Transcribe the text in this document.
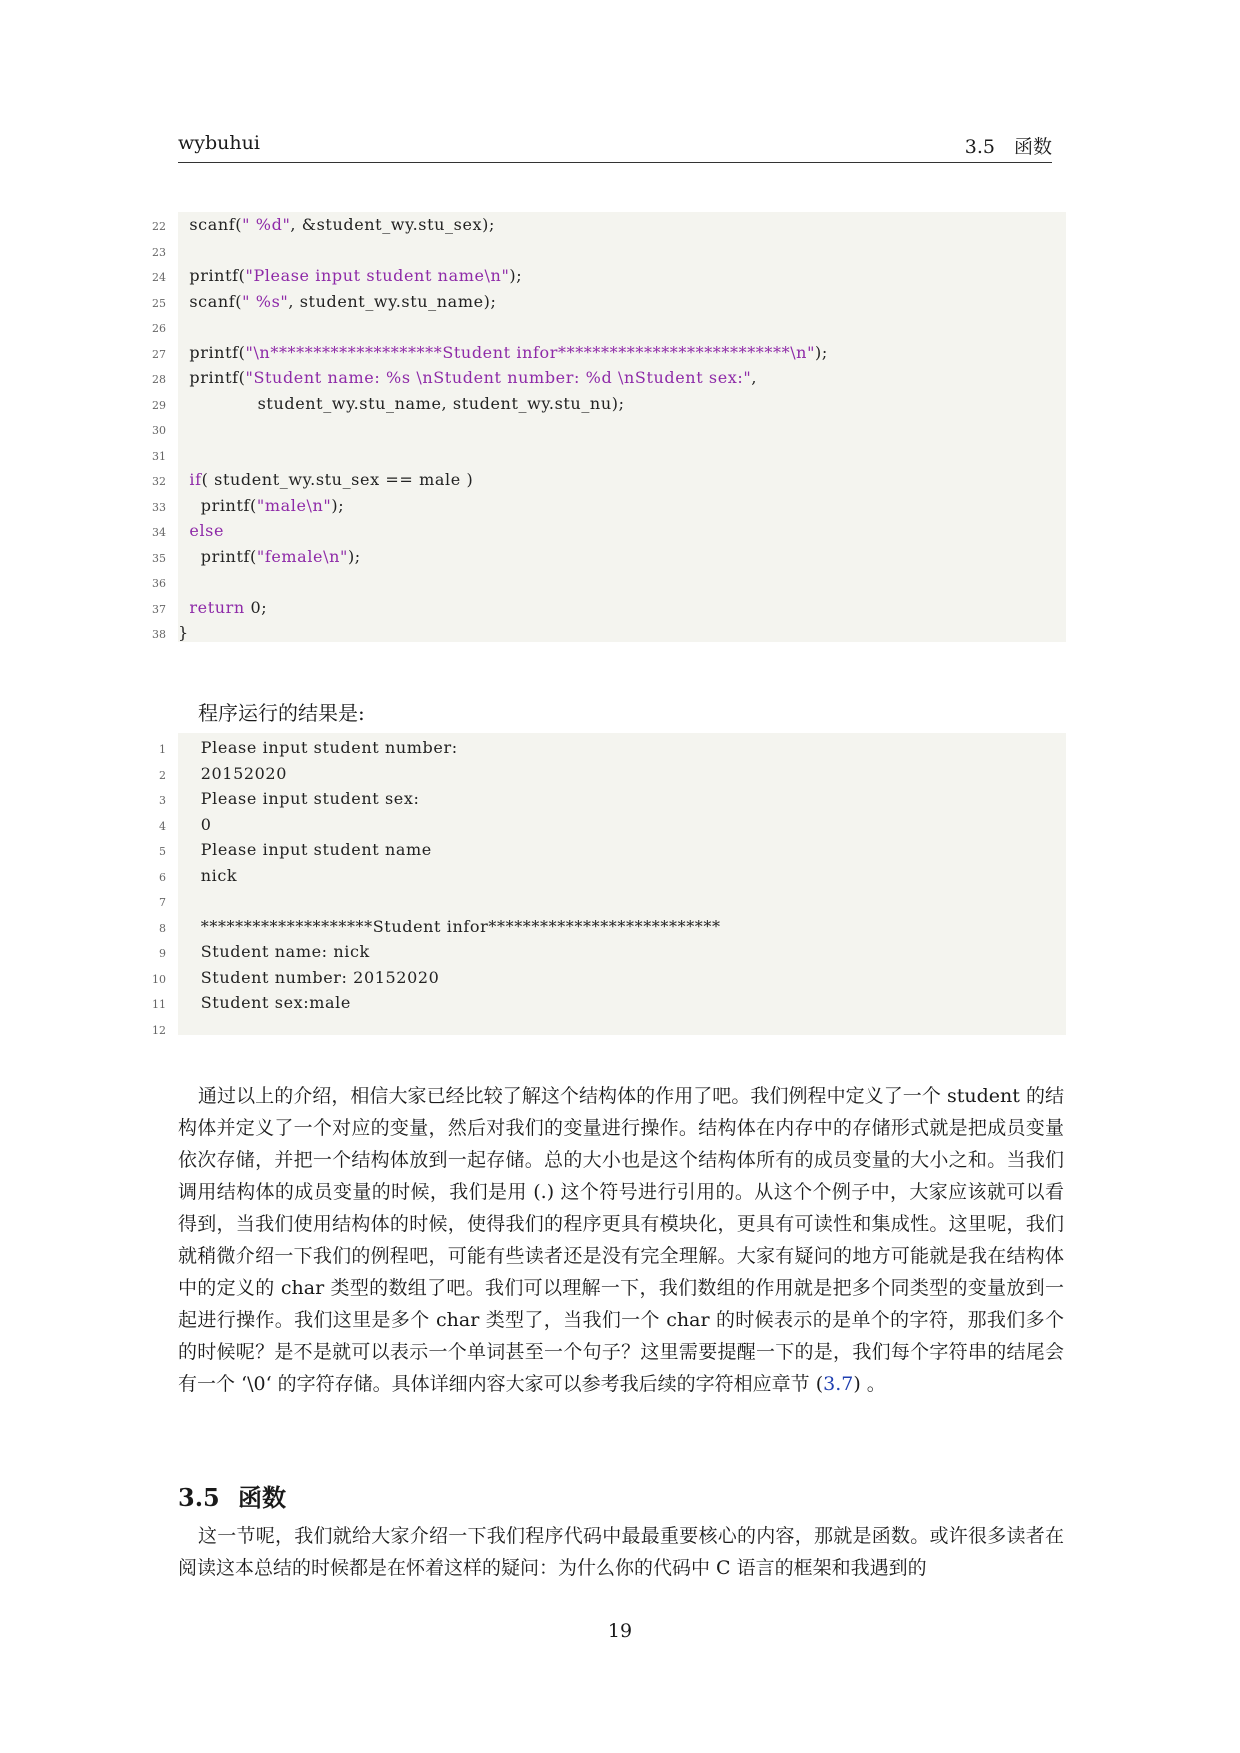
wybuhui	3.5　函数
22 scanf(" %d", &student_wy.stu_sex);
23
24 printf("Please input student name\n");
25 scanf(" %s", student_wy.stu_name);
26
27 printf("\n********************Student infor***************************\n");
28 printf("Student name: %s \nStudent number: %d \nStudent sex:",
29 student_wy.stu_name, student_wy.stu_nu);
30
31
32	if( student_wy.stu_sex == male )
33 printf("male\n");
34	else
35 printf("female\n");
36
37	return 0;
38 }
程序运行的结果是:
1 Please input student number:
2 20152020
3 Please input student sex:
4 0
5 Please input student name
6 nick
7
8 ********************Student infor***************************
9 Student name: nick
10 Student number: 20152020
11 Student sex:male
12

通过以上的介绍，相信大家已经比较了解这个结构体的作用了吧。我们例程中定义了一个 student 的结构体并定义了一个对应的变量，然后对我们的变量进行操作。结构体在内存中的存储形式就是把成员变量依次存储，并把一个结构体放到一起存储。总的大小也是这个结构体所有的成员变量的大小之和。当我们调用结构体的成员变量的时候，我们是用 (.) 这个符号进行引用的。从这个个例子中，大家应该就可以看得到，当我们使用结构体的时候，使得我们的程序更具有模块化，更具有可读性和集成性。这里呢，我们就稍微介绍一下我们的例程吧，可能有些读者还是没有完全理解。大家有疑问的地方可能就是我在结构体中的定义的 char 类型的数组了吧。我们可以理解一下，我们数组的作用就是把多个同类型的变量放到一起进行操作。我们这里是多个 char 类型了，当我们一个 char 的时候表示的是单个的字符，那我们多个的时候呢？是不是就可以表示一个单词甚至一个句子？这里需要提醒一下的是，我们每个字符串的结尾会有一个 ‘\0‘ 的字符存储。具体详细内容大家可以参考我后续的字符相应章节 (3.7) 。

3.5 函数

这一节呢，我们就给大家介绍一下我们程序代码中最最重要核心的内容，那就是函数。或许很多读者在阅读这本总结的时候都是在怀着这样的疑问：为什么你的代码中 C 语言的框架和我遇到的

19
